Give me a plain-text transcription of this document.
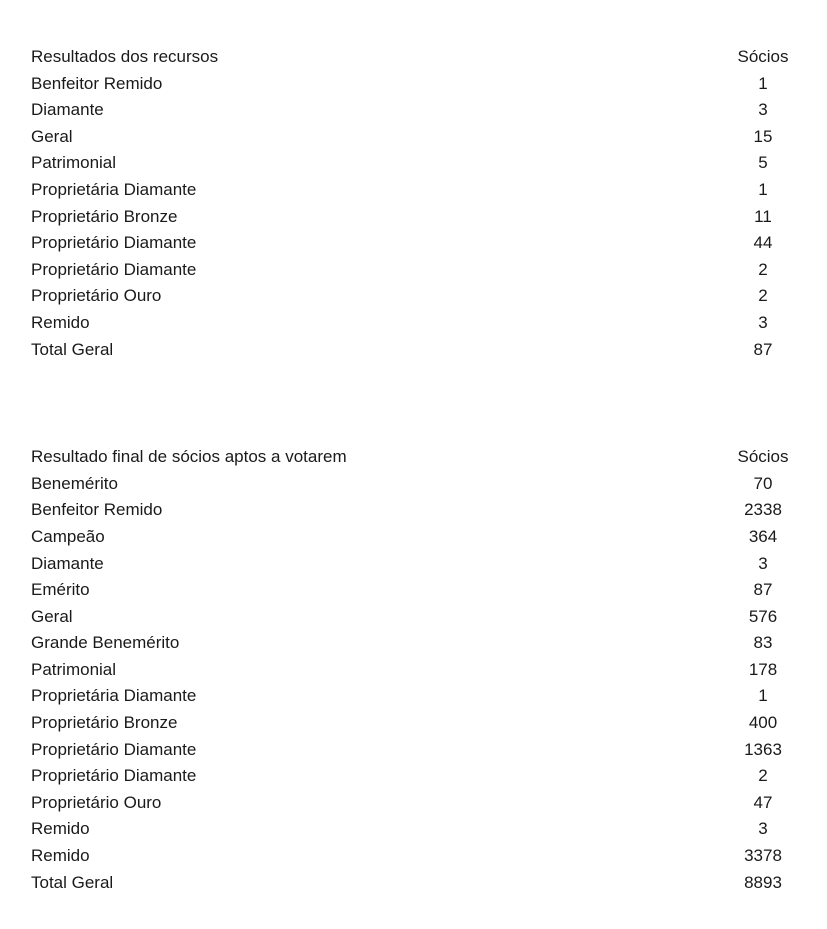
Resultados dos recursos	Sócios
Benfeitor Remido	1
Diamante	3
Geral	15
Patrimonial	5
Proprietária Diamante	1
Proprietário Bronze	11
Proprietário Diamante	44
Proprietário Diamante	2
Proprietário Ouro	2
Remido	3
Total Geral	87
Resultado final de sócios aptos a votarem	Sócios
Benemérito	70
Benfeitor Remido	2338
Campeão	364
Diamante	3
Emérito	87
Geral	576
Grande Benemérito	83
Patrimonial	178
Proprietária Diamante	1
Proprietário Bronze	400
Proprietário Diamante	1363
Proprietário Diamante	2
Proprietário Ouro	47
Remido	3
Remido	3378
Total Geral	8893
